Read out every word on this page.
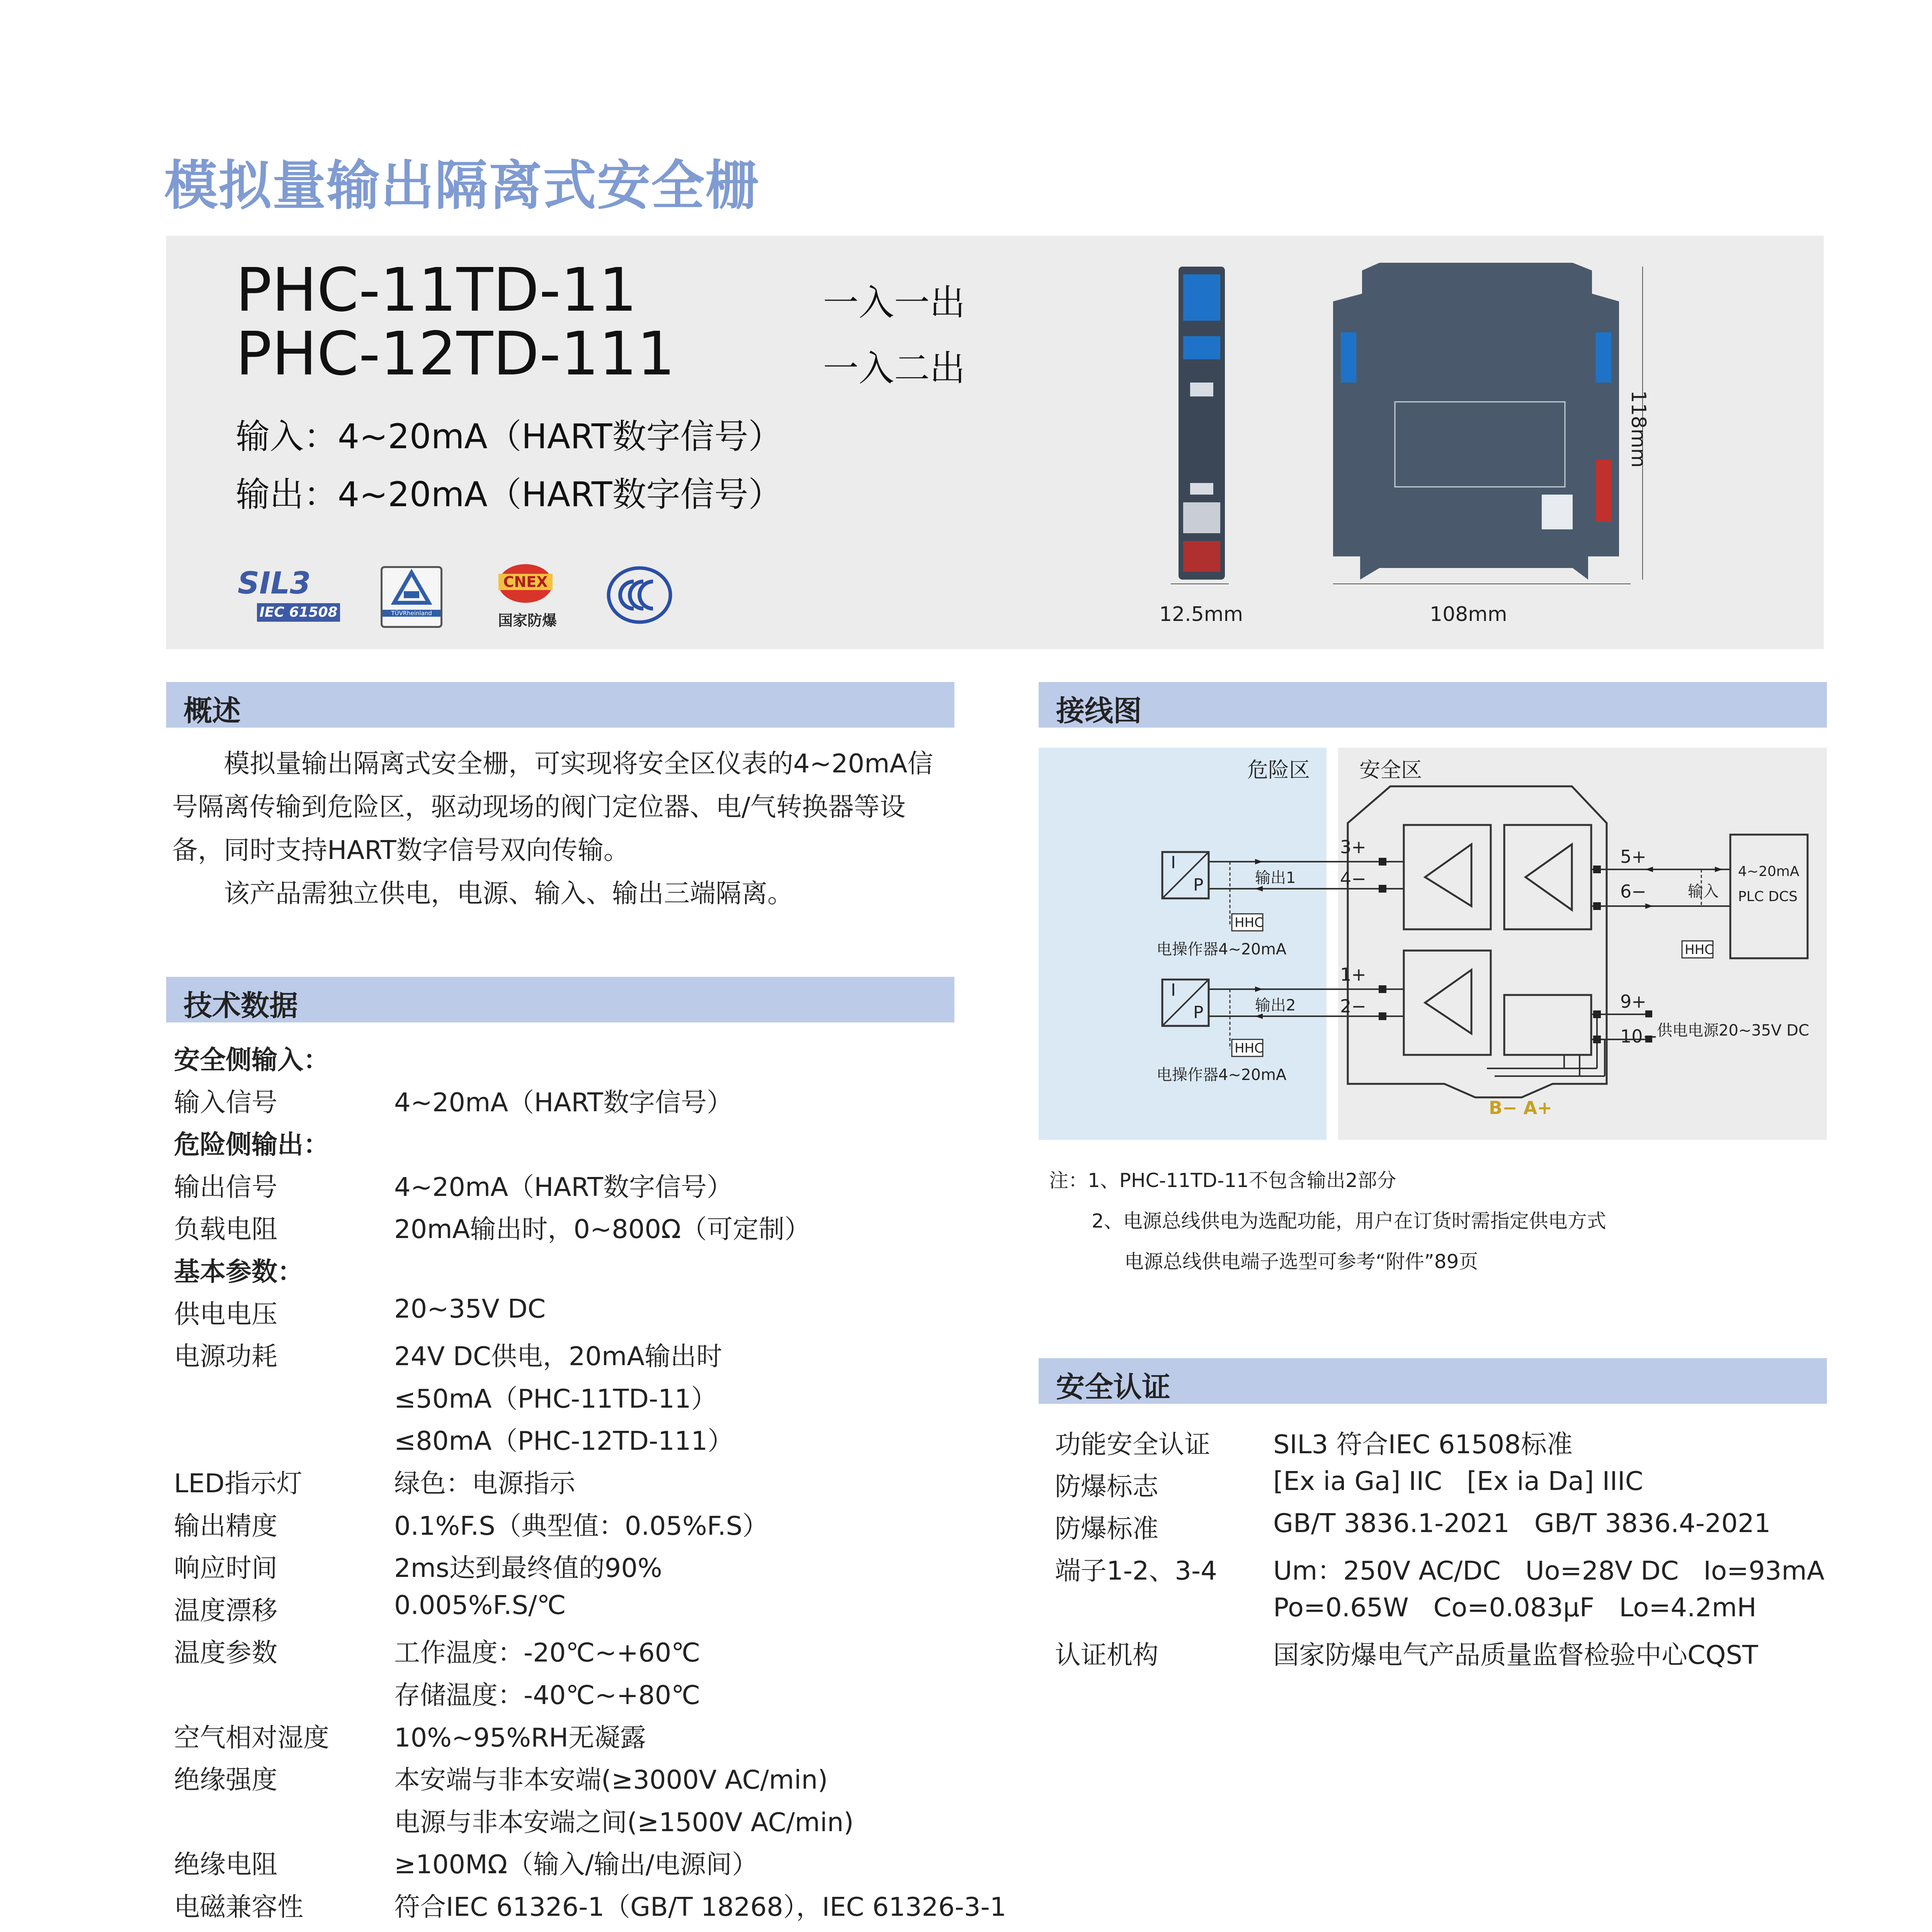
模拟量输出隔离式安全栅
PHC-11TD-11	一入一出
PHC-12TD-111	一入二出
输入：4~20mA（HART数字信号）
输出：4~20mA（HART数字信号）
SIL3
IEC 61508	TÜVRheinland
CNEX
国家防爆	12.5mm	108mm
118mm
概述
模拟量输出隔离式安全栅，可实现将安全区仪表的4~20mA信号隔离传输到危险区，驱动现场的阀门定位器、电/气转换器等设备，同时支持HART数字信号双向传输。
该产品需独立供电，电源、输入、输出三端隔离。
技术数据
安全侧输入：
输入信号	4~20mA（HART数字信号）
危险侧输出：
输出信号	4~20mA（HART数字信号）
负载电阻	20mA输出时，0~800Ω（可定制）
基本参数：
供电电压	20~35V DC
电源功耗	24V DC供电，20mA输出时
≤50mA（PHC-11TD-11）
≤80mA（PHC-12TD-111）
LED指示灯	绿色：电源指示
输出精度	0.1%F.S（典型值：0.05%F.S）
响应时间	2ms达到最终值的90%
温度漂移	0.005%F.S/℃
温度参数	工作温度：-20℃~+60℃
存储温度：-40℃~+80℃
空气相对湿度	10%~95%RH无凝露
绝缘强度	本安端与非本安端(≥3000V AC/min)
电源与非本安端之间(≥1500V AC/min)
绝缘电阻	≥100MΩ（输入/输出/电源间）
电磁兼容性	符合IEC 61326-1（GB/T 18268），IEC 61326-3-1
接线图
危险区 安全区
I
P
I
P
输出1
输出2
电操作器4~20mA
电操作器4~20mA
HHC
HHC
HHC
3+
4−
1+
2−
5+
6−
9+
10−
输入
4~20mA
PLC DCS
供电电源20~35V DC
B− A+
注：1、PHC-11TD-11不包含输出2部分
2、电源总线供电为选配功能，用户在订货时需指定供电方式
电源总线供电端子选型可参考“附件”89页
安全认证
功能安全认证 SIL3 符合IEC 61508标准
防爆标志	[Ex ia Ga] IIC   [Ex ia Da] IIIC
防爆标准	GB/T 3836.1-2021   GB/T 3836.4-2021
端子1-2、3-4 Um：250V AC/DC   Uo=28V DC   Io=93mA
Po=0.65W   Co=0.083μF   Lo=4.2mH
认证机构	国家防爆电气产品质量监督检验中心CQST
